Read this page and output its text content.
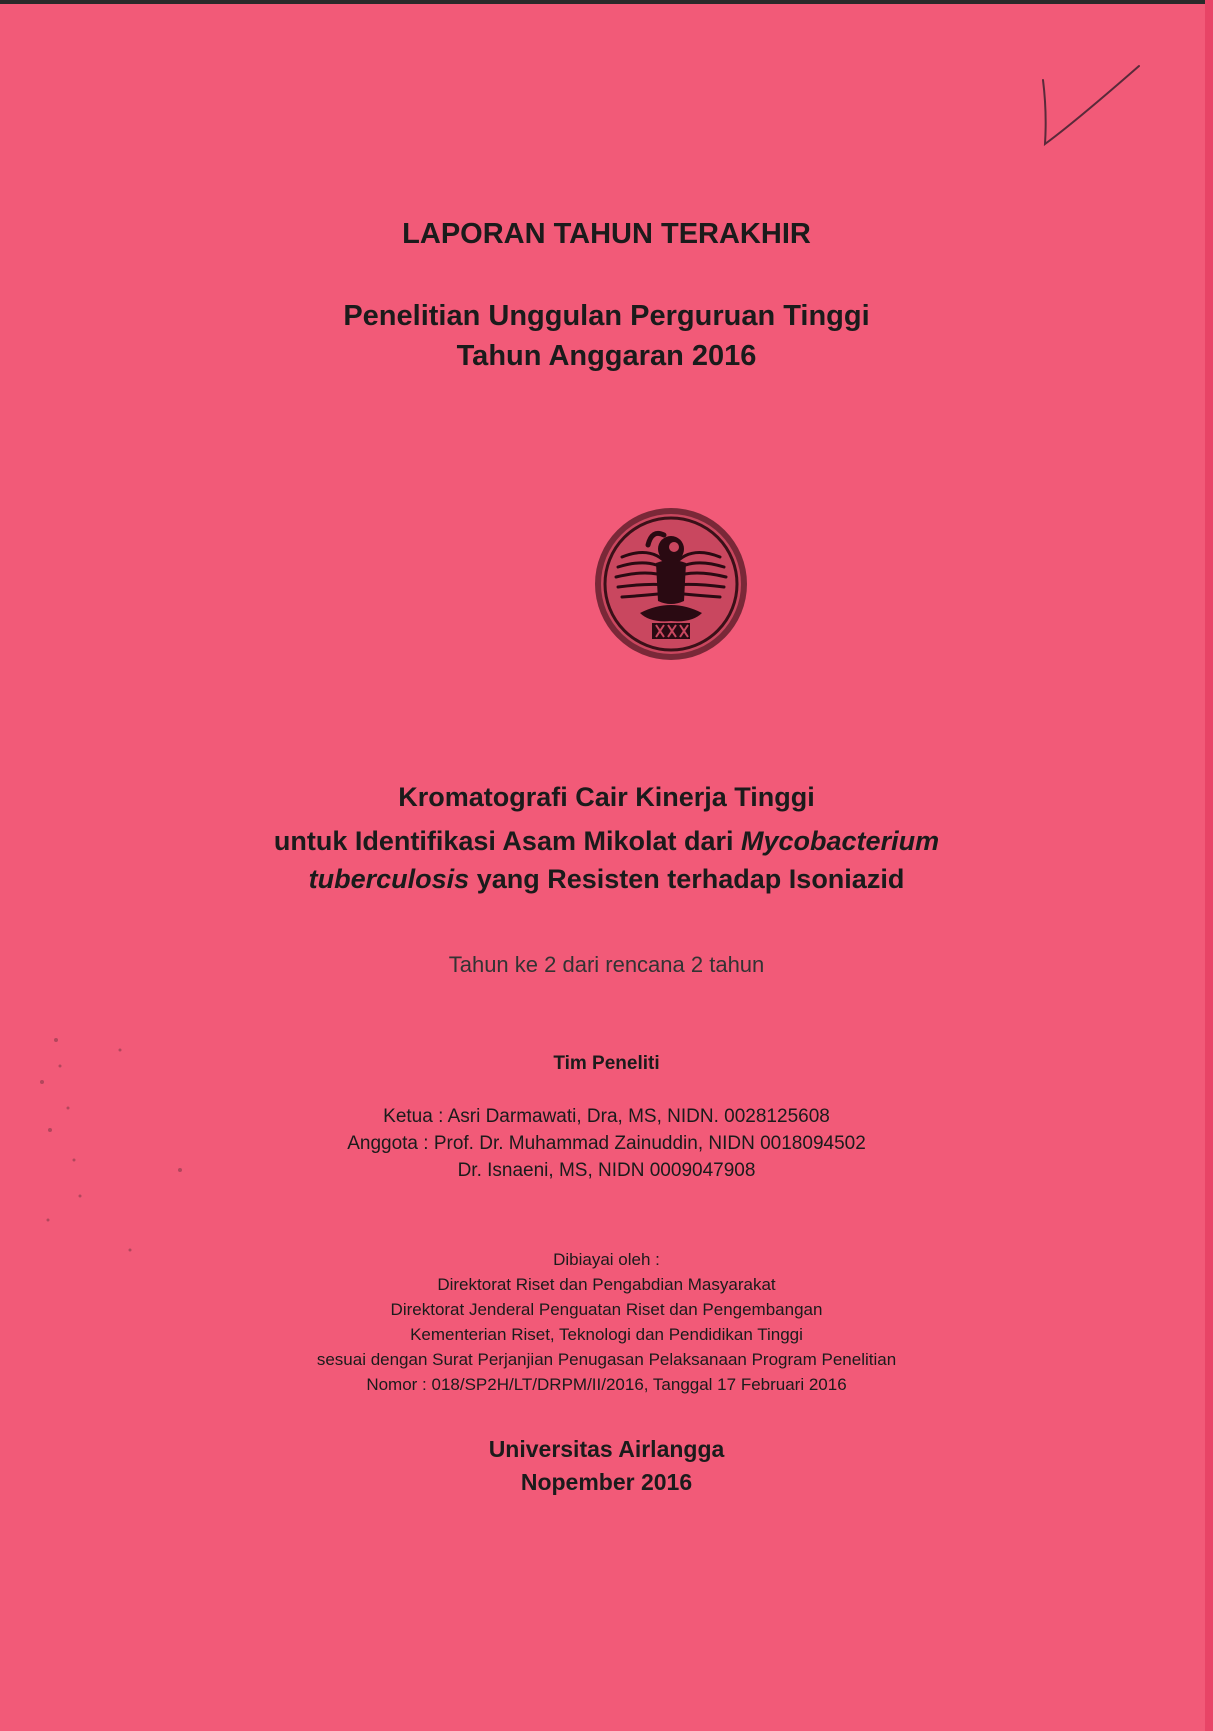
LAPORAN TAHUN TERAKHIR
Penelitian Unggulan Perguruan Tinggi
Tahun Anggaran 2016
Kromatografi Cair Kinerja Tinggi
untuk Identifikasi Asam Mikolat dari Mycobacterium
tuberculosis yang Resisten terhadap Isoniazid
Tahun ke 2 dari rencana 2 tahun
Tim Peneliti
Ketua : Asri Darmawati, Dra, MS, NIDN. 0028125608
Anggota : Prof. Dr. Muhammad Zainuddin, NIDN 0018094502
Dr. Isnaeni, MS, NIDN 0009047908
Dibiayai oleh :
Direktorat Riset dan Pengabdian Masyarakat
Direktorat Jenderal Penguatan Riset dan Pengembangan
Kementerian Riset, Teknologi dan Pendidikan Tinggi
sesuai dengan Surat Perjanjian Penugasan Pelaksanaan Program Penelitian
Nomor : 018/SP2H/LT/DRPM/II/2016, Tanggal 17 Februari 2016
Universitas Airlangga
Nopember 2016
